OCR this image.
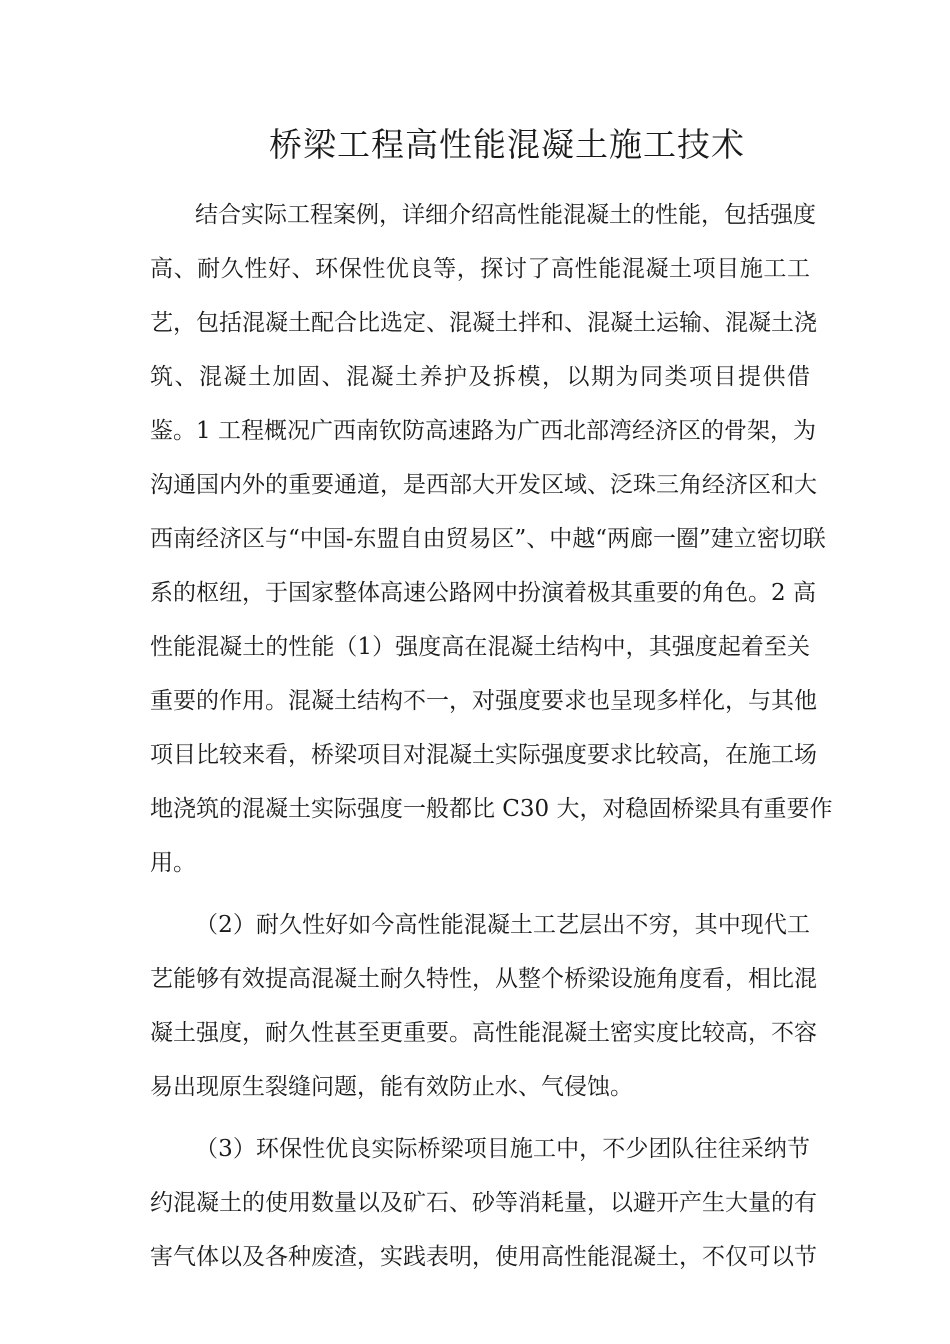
桥梁工程高性能混凝土施工技术
结合实际工程案例，详细介绍高性能混凝土的性能，包括强度
高、耐久性好、环保性优良等，探讨了高性能混凝土项目施工工
艺，包括混凝土配合比选定、混凝土拌和、混凝土运输、混凝土浇
筑、混凝土加固、混凝土养护及拆模，以期为同类项目提供借
鉴。1 工程概况广西南钦防高速路为广西北部湾经济区的骨架，为
沟通国内外的重要通道，是西部大开发区域、泛珠三角经济区和大
西南经济区与“中国-东盟自由贸易区”、中越“两廊一圈”建立密切联
系的枢纽，于国家整体高速公路网中扮演着极其重要的角色。2 高
性能混凝土的性能（1）强度高在混凝土结构中，其强度起着至关
重要的作用。混凝土结构不一，对强度要求也呈现多样化，与其他
项目比较来看，桥梁项目对混凝土实际强度要求比较高，在施工场
地浇筑的混凝土实际强度一般都比 C30 大，对稳固桥梁具有重要作
用。
（2）耐久性好如今高性能混凝土工艺层出不穷，其中现代工
艺能够有效提高混凝土耐久特性，从整个桥梁设施角度看，相比混
凝土强度，耐久性甚至更重要。高性能混凝土密实度比较高，不容
易出现原生裂缝问题，能有效防止水、气侵蚀。
（3）环保性优良实际桥梁项目施工中，不少团队往往采纳节
约混凝土的使用数量以及矿石、砂等消耗量，以避开产生大量的有
害气体以及各种废渣，实践表明，使用高性能混凝土，不仅可以节
